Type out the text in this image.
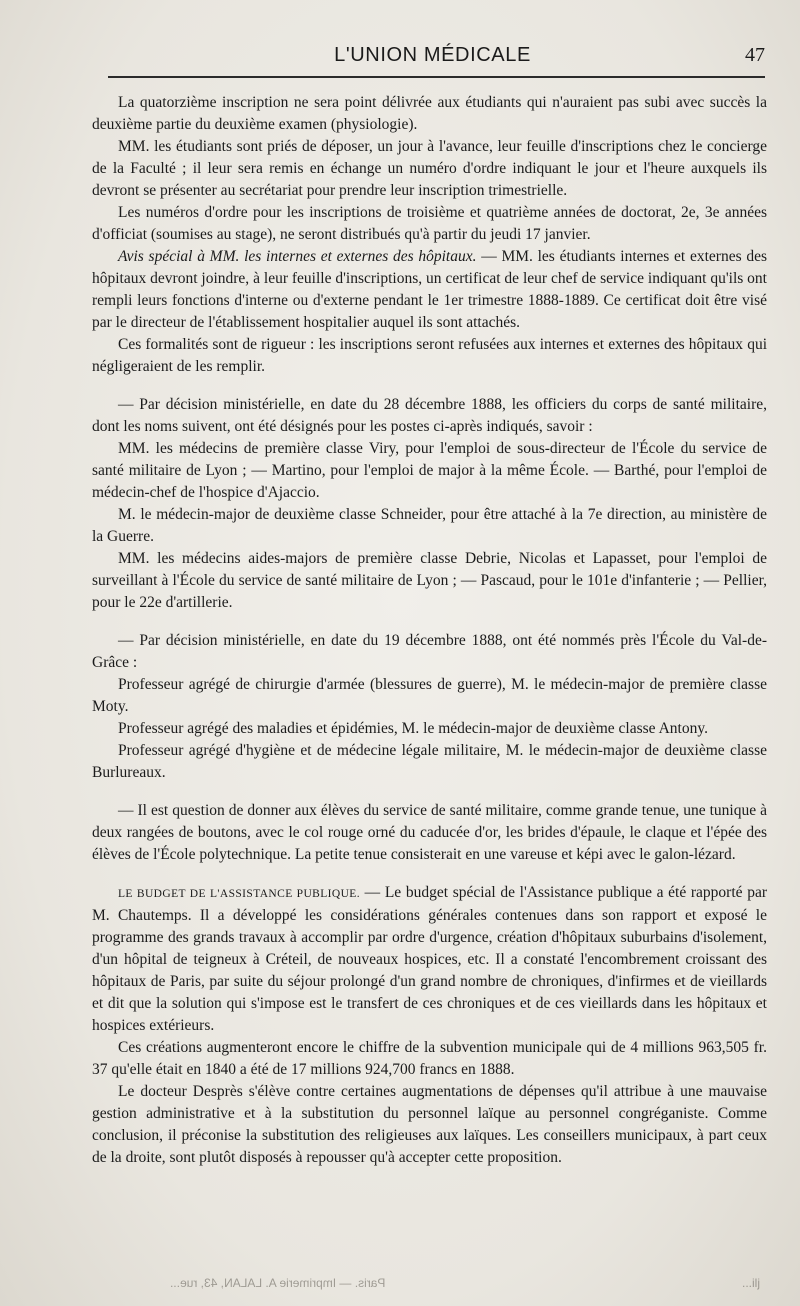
L'UNION MÉDICALE	47

La quatorzième inscription ne sera point délivrée aux étudiants qui n'auraient pas subi avec succès la deuxième partie du deuxième examen (physiologie).

MM. les étudiants sont priés de déposer, un jour à l'avance, leur feuille d'inscriptions chez le concierge de la Faculté ; il leur sera remis en échange un numéro d'ordre indiquant le jour et l'heure auxquels ils devront se présenter au secrétariat pour prendre leur inscription trimestrielle.

Les numéros d'ordre pour les inscriptions de troisième et quatrième années de doctorat, 2e, 3e années d'officiat (soumises au stage), ne seront distribués qu'à partir du jeudi 17 janvier.

Avis spécial à MM. les internes et externes des hôpitaux. — MM. les étudiants internes et externes des hôpitaux devront joindre, à leur feuille d'inscriptions, un certificat de leur chef de service indiquant qu'ils ont rempli leurs fonctions d'interne ou d'externe pendant le 1er trimestre 1888-1889. Ce certificat doit être visé par le directeur de l'établissement hospitalier auquel ils sont attachés.

Ces formalités sont de rigueur : les inscriptions seront refusées aux internes et externes des hôpitaux qui négligeraient de les remplir.

— Par décision ministérielle, en date du 28 décembre 1888, les officiers du corps de santé militaire, dont les noms suivent, ont été désignés pour les postes ci-après indiqués, savoir :

MM. les médecins de première classe Viry, pour l'emploi de sous-directeur de l'École du service de santé militaire de Lyon ; — Martino, pour l'emploi de major à la même École. — Barthé, pour l'emploi de médecin-chef de l'hospice d'Ajaccio.

M. le médecin-major de deuxième classe Schneider, pour être attaché à la 7e direction, au ministère de la Guerre.

MM. les médecins aides-majors de première classe Debrie, Nicolas et Lapasset, pour l'emploi de surveillant à l'École du service de santé militaire de Lyon ; — Pascaud, pour le 101e d'infanterie ; — Pellier, pour le 22e d'artillerie.

— Par décision ministérielle, en date du 19 décembre 1888, ont été nommés près l'École du Val-de-Grâce :

Professeur agrégé de chirurgie d'armée (blessures de guerre), M. le médecin-major de première classe Moty.

Professeur agrégé des maladies et épidémies, M. le médecin-major de deuxième classe Antony.

Professeur agrégé d'hygiène et de médecine légale militaire, M. le médecin-major de deuxième classe Burlureaux.

— Il est question de donner aux élèves du service de santé militaire, comme grande tenue, une tunique à deux rangées de boutons, avec le col rouge orné du caducée d'or, les brides d'épaule, le claque et l'épée des élèves de l'École polytechnique. La petite tenue consisterait en une vareuse et képi avec le galon-lézard.

LE BUDGET DE L'ASSISTANCE PUBLIQUE. — Le budget spécial de l'Assistance publique a été rapporté par M. Chautemps. Il a développé les considérations générales contenues dans son rapport et exposé le programme des grands travaux à accomplir par ordre d'urgence, création d'hôpitaux suburbains d'isolement, d'un hôpital de teigneux à Créteil, de nouveaux hospices, etc. Il a constaté l'encombrement croissant des hôpitaux de Paris, par suite du séjour prolongé d'un grand nombre de chroniques, d'infirmes et de vieillards et dit que la solution qui s'impose est le transfert de ces chroniques et de ces vieillards dans les hôpitaux et hospices extérieurs.

Ces créations augmenteront encore le chiffre de la subvention municipale qui de 4 millions 963,505 fr. 37 qu'elle était en 1840 a été de 17 millions 924,700 francs en 1888.

Le docteur Desprès s'élève contre certaines augmentations de dépenses qu'il attribue à une mauvaise gestion administrative et à la substitution du personnel laïque au personnel congréganiste. Comme conclusion, il préconise la substitution des religieuses aux laïques. Les conseillers municipaux, à part ceux de la droite, sont plutôt disposés à repousser qu'à accepter cette proposition.

Paris. — Imprimerie A. LALAN, 43, rue...	...ilj
